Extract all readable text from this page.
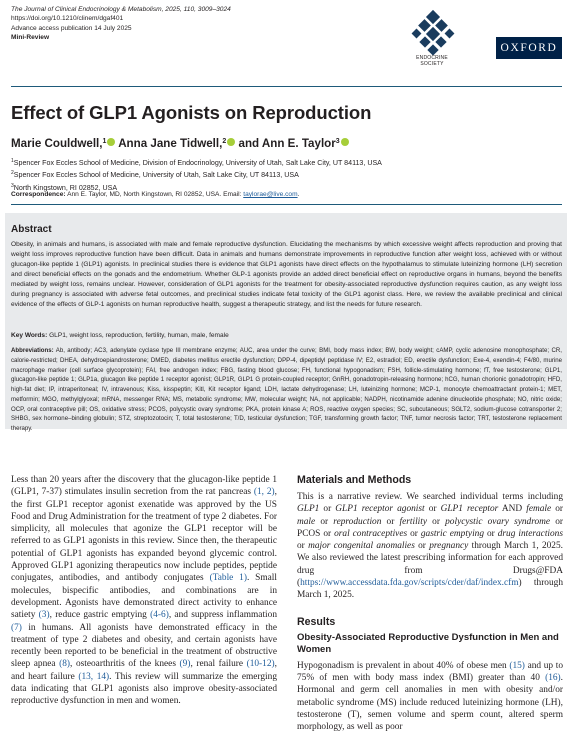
The Journal of Clinical Endocrinology & Metabolism, 2025, 110, 3009–3024
https://doi.org/10.1210/clinem/dgaf401
Advance access publication 14 July 2025
Mini-Review
ENDOCRINE
SOCIETY
OXFORD
Effect of GLP1 Agonists on Reproduction
Marie Couldwell,$^1$ Anna Jane Tidwell,$^2$ and Ann E. Taylor$^3$
$^1$Spencer Fox Eccles School of Medicine, Division of Endocrinology, University of Utah, Salt Lake City, UT 84113, USA
$^2$Spencer Fox Eccles School of Medicine, University of Utah, Salt Lake City, UT 84113, USA
$^3$North Kingstown, RI 02852, USA
Correspondence: Ann E. Taylor, MD, North Kingstown, RI 02852, USA. Email: taylorae@live.com.
Abstract
Obesity, in animals and humans, is associated with male and female reproductive dysfunction. Elucidating the mechanisms by which excessive weight affects reproduction and proving that weight loss improves reproductive function have been difficult. Data in animals and humans demonstrate improvements in reproductive function after weight loss, achieved with or without glucagon-like peptide 1 (GLP1) agonists. In preclinical studies there is evidence that GLP1 agonists have direct effects on the hypothalamus to stimulate luteinizing hormone (LH) secretion and direct beneficial effects on the gonads and the endometrium. Whether GLP-1 agonists provide an added direct beneficial effect on reproductive organs in humans, beyond the benefits mediated by weight loss, remains unclear. However, consideration of GLP1 agonists for the treatment for obesity-associated reproductive dysfunction requires caution, as any weight loss during pregnancy is associated with adverse fetal outcomes, and preclinical studies indicate fetal toxicity of the GLP1 agonist class. Here, we review the available preclinical and clinical evidence of the effects of GLP-1 agonists on human reproductive health, suggest a therapeutic strategy, and list the needs for future research.
Key Words: GLP1, weight loss, reproduction, fertility, human, male, female
Abbreviations: Ab, antibody; AC3, adenylate cyclase type III membrane enzyme; AUC, area under the curve; BMI, body mass index; BW, body weight; cAMP, cyclic adenosine monophosphate; CR, calorie-restricted; DHEA, dehydroepiandrosterone; DMED, diabetes mellitus erectile dysfunction; DPP-4, dipeptidyl peptidase IV; E2, estradiol; ED, erectile dysfunction; Exe-4, exendin-4; F4/80, murine macrophage marker (cell surface glycoprotein); FAI, free androgen index; FBG, fasting blood glucose; FH, functional hypogonadism; FSH, follicle-stimulating hormone; fT, free testosterone; GLP1, glucagon-like peptide 1; GLP1a, glucagon like peptide 1 receptor agonist; GLP1R, GLP1 G protein-coupled receptor; GnRH, gonadotropin-releasing hormone; hCG, human chorionic gonadotropin; HFD, high-fat diet; IP, intraperitoneal; IV, intravenous; Kiss, kisspeptin; Kitl, Kit receptor ligand; LDH, lactate dehydrogenase; LH, luteinizing hormone; MCP-1, monocyte chemoattractant protein-1; MET, metformin; MGO, methylglyoxal; mRNA, messenger RNA; MS, metabolic syndrome; MW, molecular weight; NA, not applicable; NADPH, nicotinamide adenine dinucleotide phosphate; NO, nitric oxide; OCP, oral contraceptive pill; OS, oxidative stress; PCOS, polycystic ovary syndrome; PKA, protein kinase A; ROS, reactive oxygen species; SC, subcutaneous; SGLT2, sodium-glucose cotransporter 2; SHBG, sex hormone–binding globulin; STZ, streptozotocin; T, total testosterone; T/D, testicular dysfunction; TGF, transforming growth factor; TNF, tumor necrosis factor; TRT, testosterone replacement therapy.
Less than 20 years after the discovery that the glucagon-like peptide 1 (GLP1, 7-37) stimulates insulin secretion from the rat pancreas (1, 2), the first GLP1 receptor agonist exenatide was approved by the US Food and Drug Administration for the treatment of type 2 diabetes. For simplicity, all molecules that agonize the GLP1 receptor will be referred to as GLP1 agonists in this review. Since then, the therapeutic potential of GLP1 agonists has expanded beyond glycemic control. Approved GLP1 agonizing therapeutics now include peptides, peptide conjugates, antibodies, and antibody conjugates (Table 1). Small molecules, bispecific antibodies, and combinations are in development. Agonists have demonstrated direct activity to enhance satiety (3), reduce gastric emptying (4-6), and suppress inflammation (7) in humans. All agonists have demonstrated efficacy in the treatment of type 2 diabetes and obesity, and certain agonists have recently been reported to be beneficial in the treatment of obstructive sleep apnea (8), osteoarthritis of the knees (9), renal failure (10-12), and heart failure (13, 14). This review will summarize the emerging data indicating that GLP1 agonists also improve obesity-associated reproductive dysfunction in men and women.
Materials and Methods
This is a narrative review. We searched individual terms including GLP1 or GLP1 receptor agonist or GLP1 receptor AND female or male or reproduction or fertility or polycystic ovary syndrome or PCOS or oral contraceptives or gastric emptying or drug interactions or major congenital anomalies or pregnancy through March 1, 2025. We also reviewed the latest prescribing information for each approved drug from Drugs@FDA (https://www.accessdata.fda.gov/scripts/cder/daf/index.cfm) through March 1, 2025.
Results
Obesity-Associated Reproductive Dysfunction in Men and Women
Hypogonadism is prevalent in about 40% of obese men (15) and up to 75% of men with body mass index (BMI) greater than 40 (16). Hormonal and germ cell anomalies in men with obesity and/or metabolic syndrome (MS) include reduced luteinizing hormone (LH), testosterone (T), semen volume and sperm count, altered sperm morphology, as well as poor
